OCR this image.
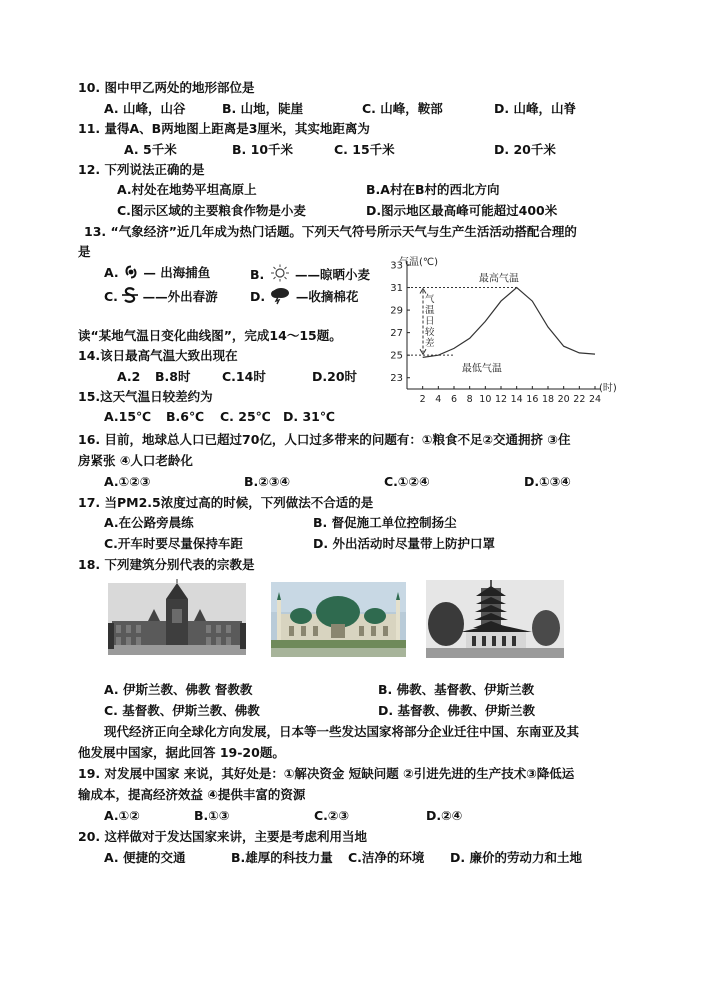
10. 图中甲乙两处的地形部位是
A. 山峰，山谷	B. 山地，陡崖	C. 山峰，鞍部	D. 山峰，山脊
11. 量得A、B两地图上距离是3厘米，其实地距离为
A. 5千米	B. 10千米	C. 15千米	D. 20千米
12. 下列说法正确的是
A.村处在地势平坦高原上	B.A村在B村的西北方向
C.图示区域的主要粮食作物是小麦	D.图示地区最高峰可能超过400米
13. “气象经济”近几年成为热门话题。下列天气符号所示天气与生产生活活动搭配合理的
是
A. — 出海捕鱼	B. ——晾晒小麦
C. ——外出春游	D. —收摘棉花
23
25
27
29
31
33
2 4 6 8 10 12 14 16 18 20 22 24
气温(℃)
(时)
气
温
日
较
差
最高气温
最低气温
读“某地气温日变化曲线图”，完成14～15题。
14.该日最高气温大致出现在
A.2 B.8时	C.14时	D.20时
15.这天气温日较差约为
A.15℃ B.6℃ C. 25℃ D. 31℃
16. 目前，地球总人口已超过70亿，人口过多带来的问题有：①粮食不足②交通拥挤 ③住
房紧张 ④人口老龄化
A.①②③	B.②③④	C.①②④	D.①③④
17. 当PM2.5浓度过高的时候，下列做法不合适的是
A.在公路旁晨练	B. 督促施工单位控制扬尘
C.开车时要尽量保持车距	D. 外出活动时尽量带上防护口罩
18. 下列建筑分别代表的宗教是
A. 伊斯兰教、佛教 督教教	B. 佛教、基督教、伊斯兰教
C. 基督教、伊斯兰教、佛教	D. 基督教、佛教、伊斯兰教
现代经济正向全球化方向发展，日本等一些发达国家将部分企业迁往中国、东南亚及其
他发展中国家，据此回答 19-20题。
19. 对发展中国家 来说，其好处是：①解决资金 短缺问题 ②引进先进的生产技术③降低运
输成本，提高经济效益 ④提供丰富的资源
A.①②	B.①③	C.②③	D.②④
20. 这样做对于发达国家来讲，主要是考虑利用当地
A. 便捷的交通	B.雄厚的科技力量 C.洁净的环境 D. 廉价的劳动力和土地
